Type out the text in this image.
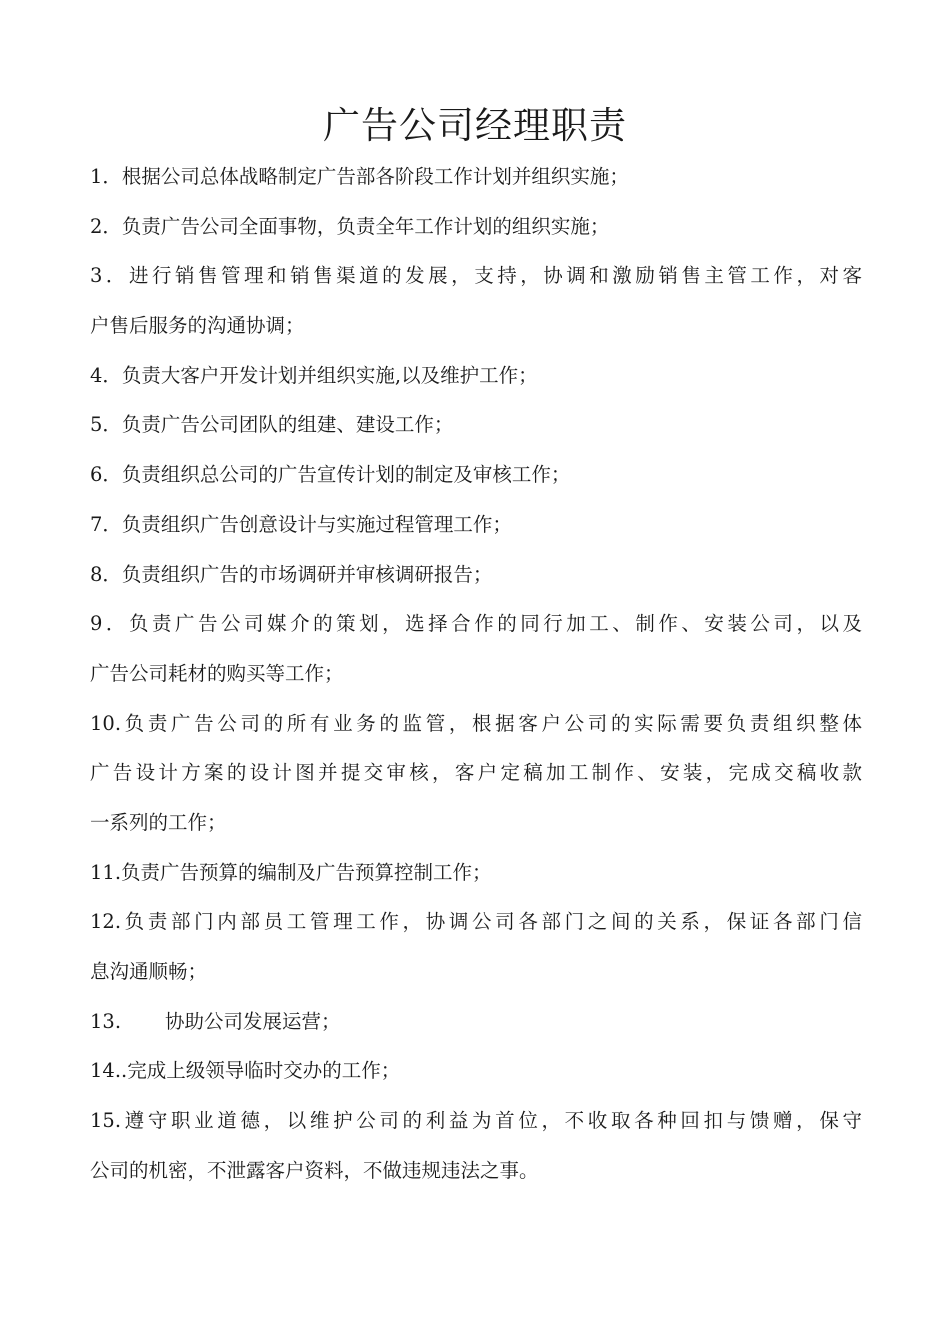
广告公司经理职责
1．根据公司总体战略制定广告部各阶段工作计划并组织实施；
2．负责广告公司全面事物，负责全年工作计划的组织实施；
3．进行销售管理和销售渠道的发展，支持，协调和激励销售主管工作，对客
户售后服务的沟通协调；
4．负责大客户开发计划并组织实施,以及维护工作；
5．负责广告公司团队的组建、建设工作；
6．负责组织总公司的广告宣传计划的制定及审核工作；
7．负责组织广告创意设计与实施过程管理工作；
8．负责组织广告的市场调研并审核调研报告；
9．负责广告公司媒介的策划，选择合作的同行加工、制作、安装公司，以及
广告公司耗材的购买等工作；
10.负责广告公司的所有业务的监管，根据客户公司的实际需要负责组织整体
广告设计方案的设计图并提交审核，客户定稿加工制作、安装，完成交稿收款
一系列的工作；
11.负责广告预算的编制及广告预算控制工作；
12.负责部门内部员工管理工作，协调公司各部门之间的关系，保证各部门信
息沟通顺畅；
13. 协助公司发展运营；
14..完成上级领导临时交办的工作；
15.遵守职业道德，以维护公司的利益为首位，不收取各种回扣与馈赠，保守
公司的机密，不泄露客户资料，不做违规违法之事。
